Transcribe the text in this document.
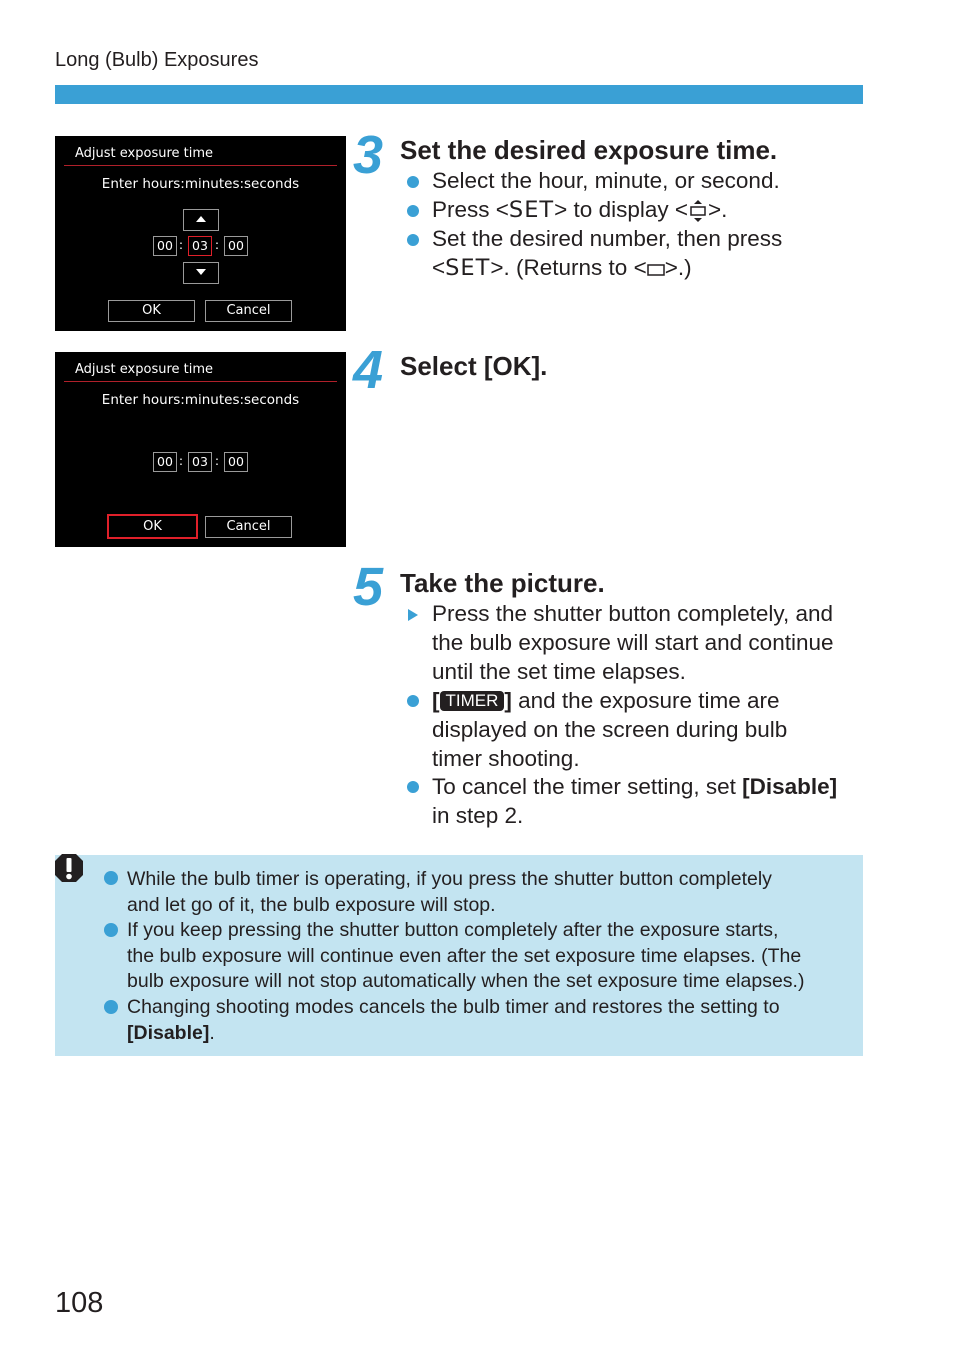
Long (Bulb) Exposures
Adjust exposure time
Enter hours:minutes:seconds
00 : 03 : 00
OK	Cancel
Adjust exposure time
Enter hours:minutes:seconds
00 : 03 : 00
OK	Cancel
3 Set the desired exposure time.
Select the hour, minute, or second.
Press <SET> to display < >.
Set the desired number, then press
<SET>. (Returns to < >.)
4 Select [OK].
5 Take the picture.
Press the shutter button completely, and
the bulb exposure will start and continue
until the set time elapses.
[ TIMER ] and the exposure time are
displayed on the screen during bulb
timer shooting.
To cancel the timer setting, set [Disable]
in step 2.
While the bulb timer is operating, if you press the shutter button completely
and let go of it, the bulb exposure will stop.
If you keep pressing the shutter button completely after the exposure starts,
the bulb exposure will continue even after the set exposure time elapses. (The
bulb exposure will not stop automatically when the set exposure time elapses.)
Changing shooting modes cancels the bulb timer and restores the setting to
[Disable].
108
